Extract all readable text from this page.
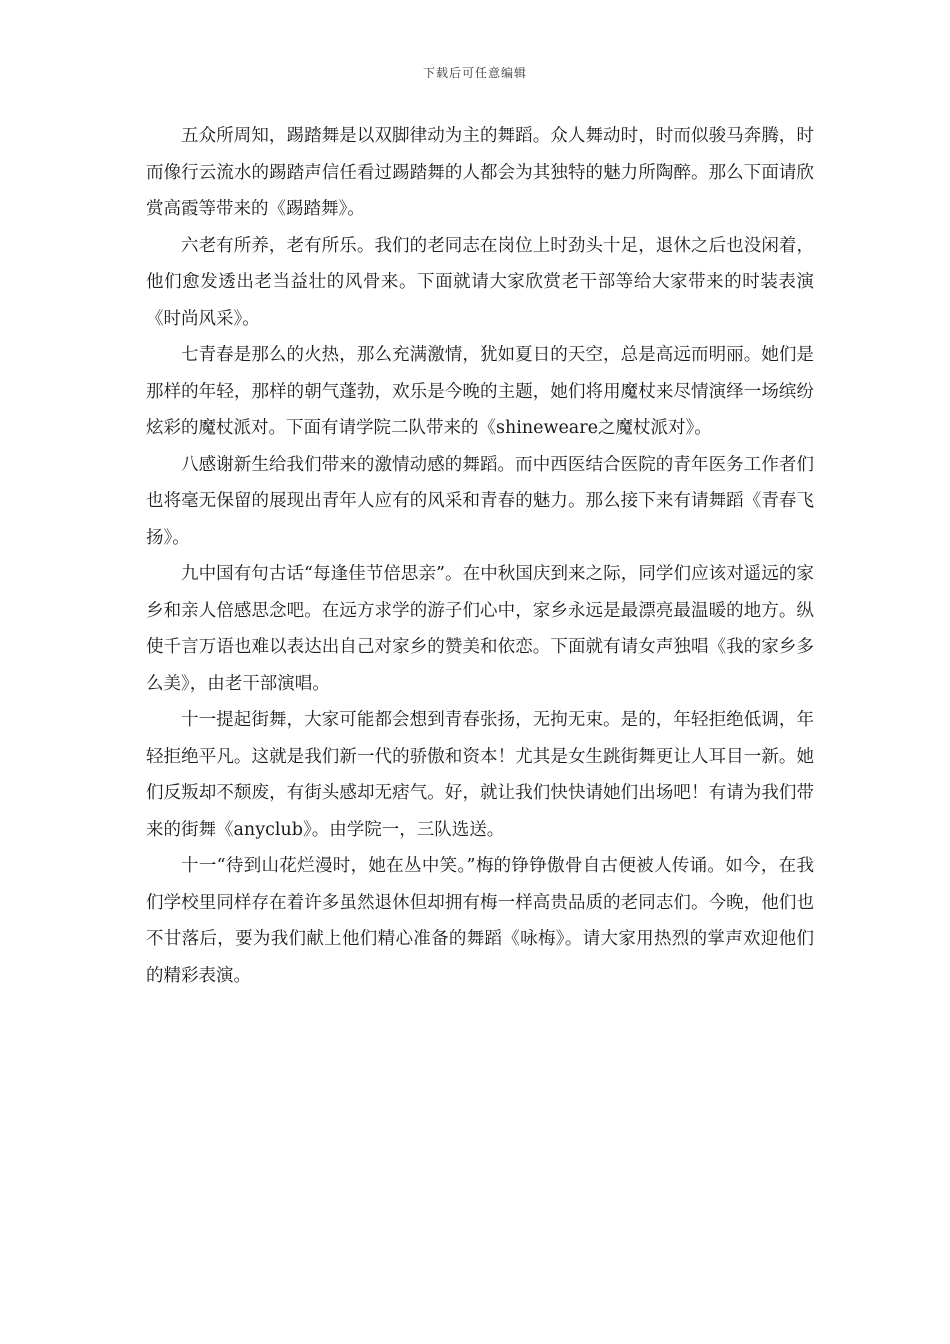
下载后可任意编辑

五众所周知，踢踏舞是以双脚律动为主的舞蹈。众人舞动时，时而似骏马奔腾，时而像行云流水的踢踏声信任看过踢踏舞的人都会为其独特的魅力所陶醉。那么下面请欣赏高霞等带来的《踢踏舞》。

六老有所养，老有所乐。我们的老同志在岗位上时劲头十足，退休之后也没闲着，他们愈发透出老当益壮的风骨来。下面就请大家欣赏老干部等给大家带来的时装表演《时尚风采》。

七青春是那么的火热，那么充满激情，犹如夏日的天空，总是高远而明丽。她们是那样的年轻，那样的朝气蓬勃，欢乐是今晚的主题，她们将用魔杖来尽情演绎一场缤纷炫彩的魔杖派对。下面有请学院二队带来的《shineweare之魔杖派对》。

八感谢新生给我们带来的激情动感的舞蹈。而中西医结合医院的青年医务工作者们也将毫无保留的展现出青年人应有的风采和青春的魅力。那么接下来有请舞蹈《青春飞扬》。

九中国有句古话“每逢佳节倍思亲”。在中秋国庆到来之际，同学们应该对遥远的家乡和亲人倍感思念吧。在远方求学的游子们心中，家乡永远是最漂亮最温暖的地方。纵使千言万语也难以表达出自己对家乡的赞美和依恋。下面就有请女声独唱《我的家乡多么美》，由老干部演唱。

十一提起街舞，大家可能都会想到青春张扬，无拘无束。是的，年轻拒绝低调，年轻拒绝平凡。这就是我们新一代的骄傲和资本！尤其是女生跳街舞更让人耳目一新。她们反叛却不颓废，有街头感却无痞气。好，就让我们快快请她们出场吧！有请为我们带来的街舞《anyclub》。由学院一，三队选送。

十一“待到山花烂漫时，她在丛中笑。”梅的铮铮傲骨自古便被人传诵。如今，在我们学校里同样存在着许多虽然退休但却拥有梅一样高贵品质的老同志们。今晚，他们也不甘落后，要为我们献上他们精心准备的舞蹈《咏梅》。请大家用热烈的掌声欢迎他们的精彩表演。
